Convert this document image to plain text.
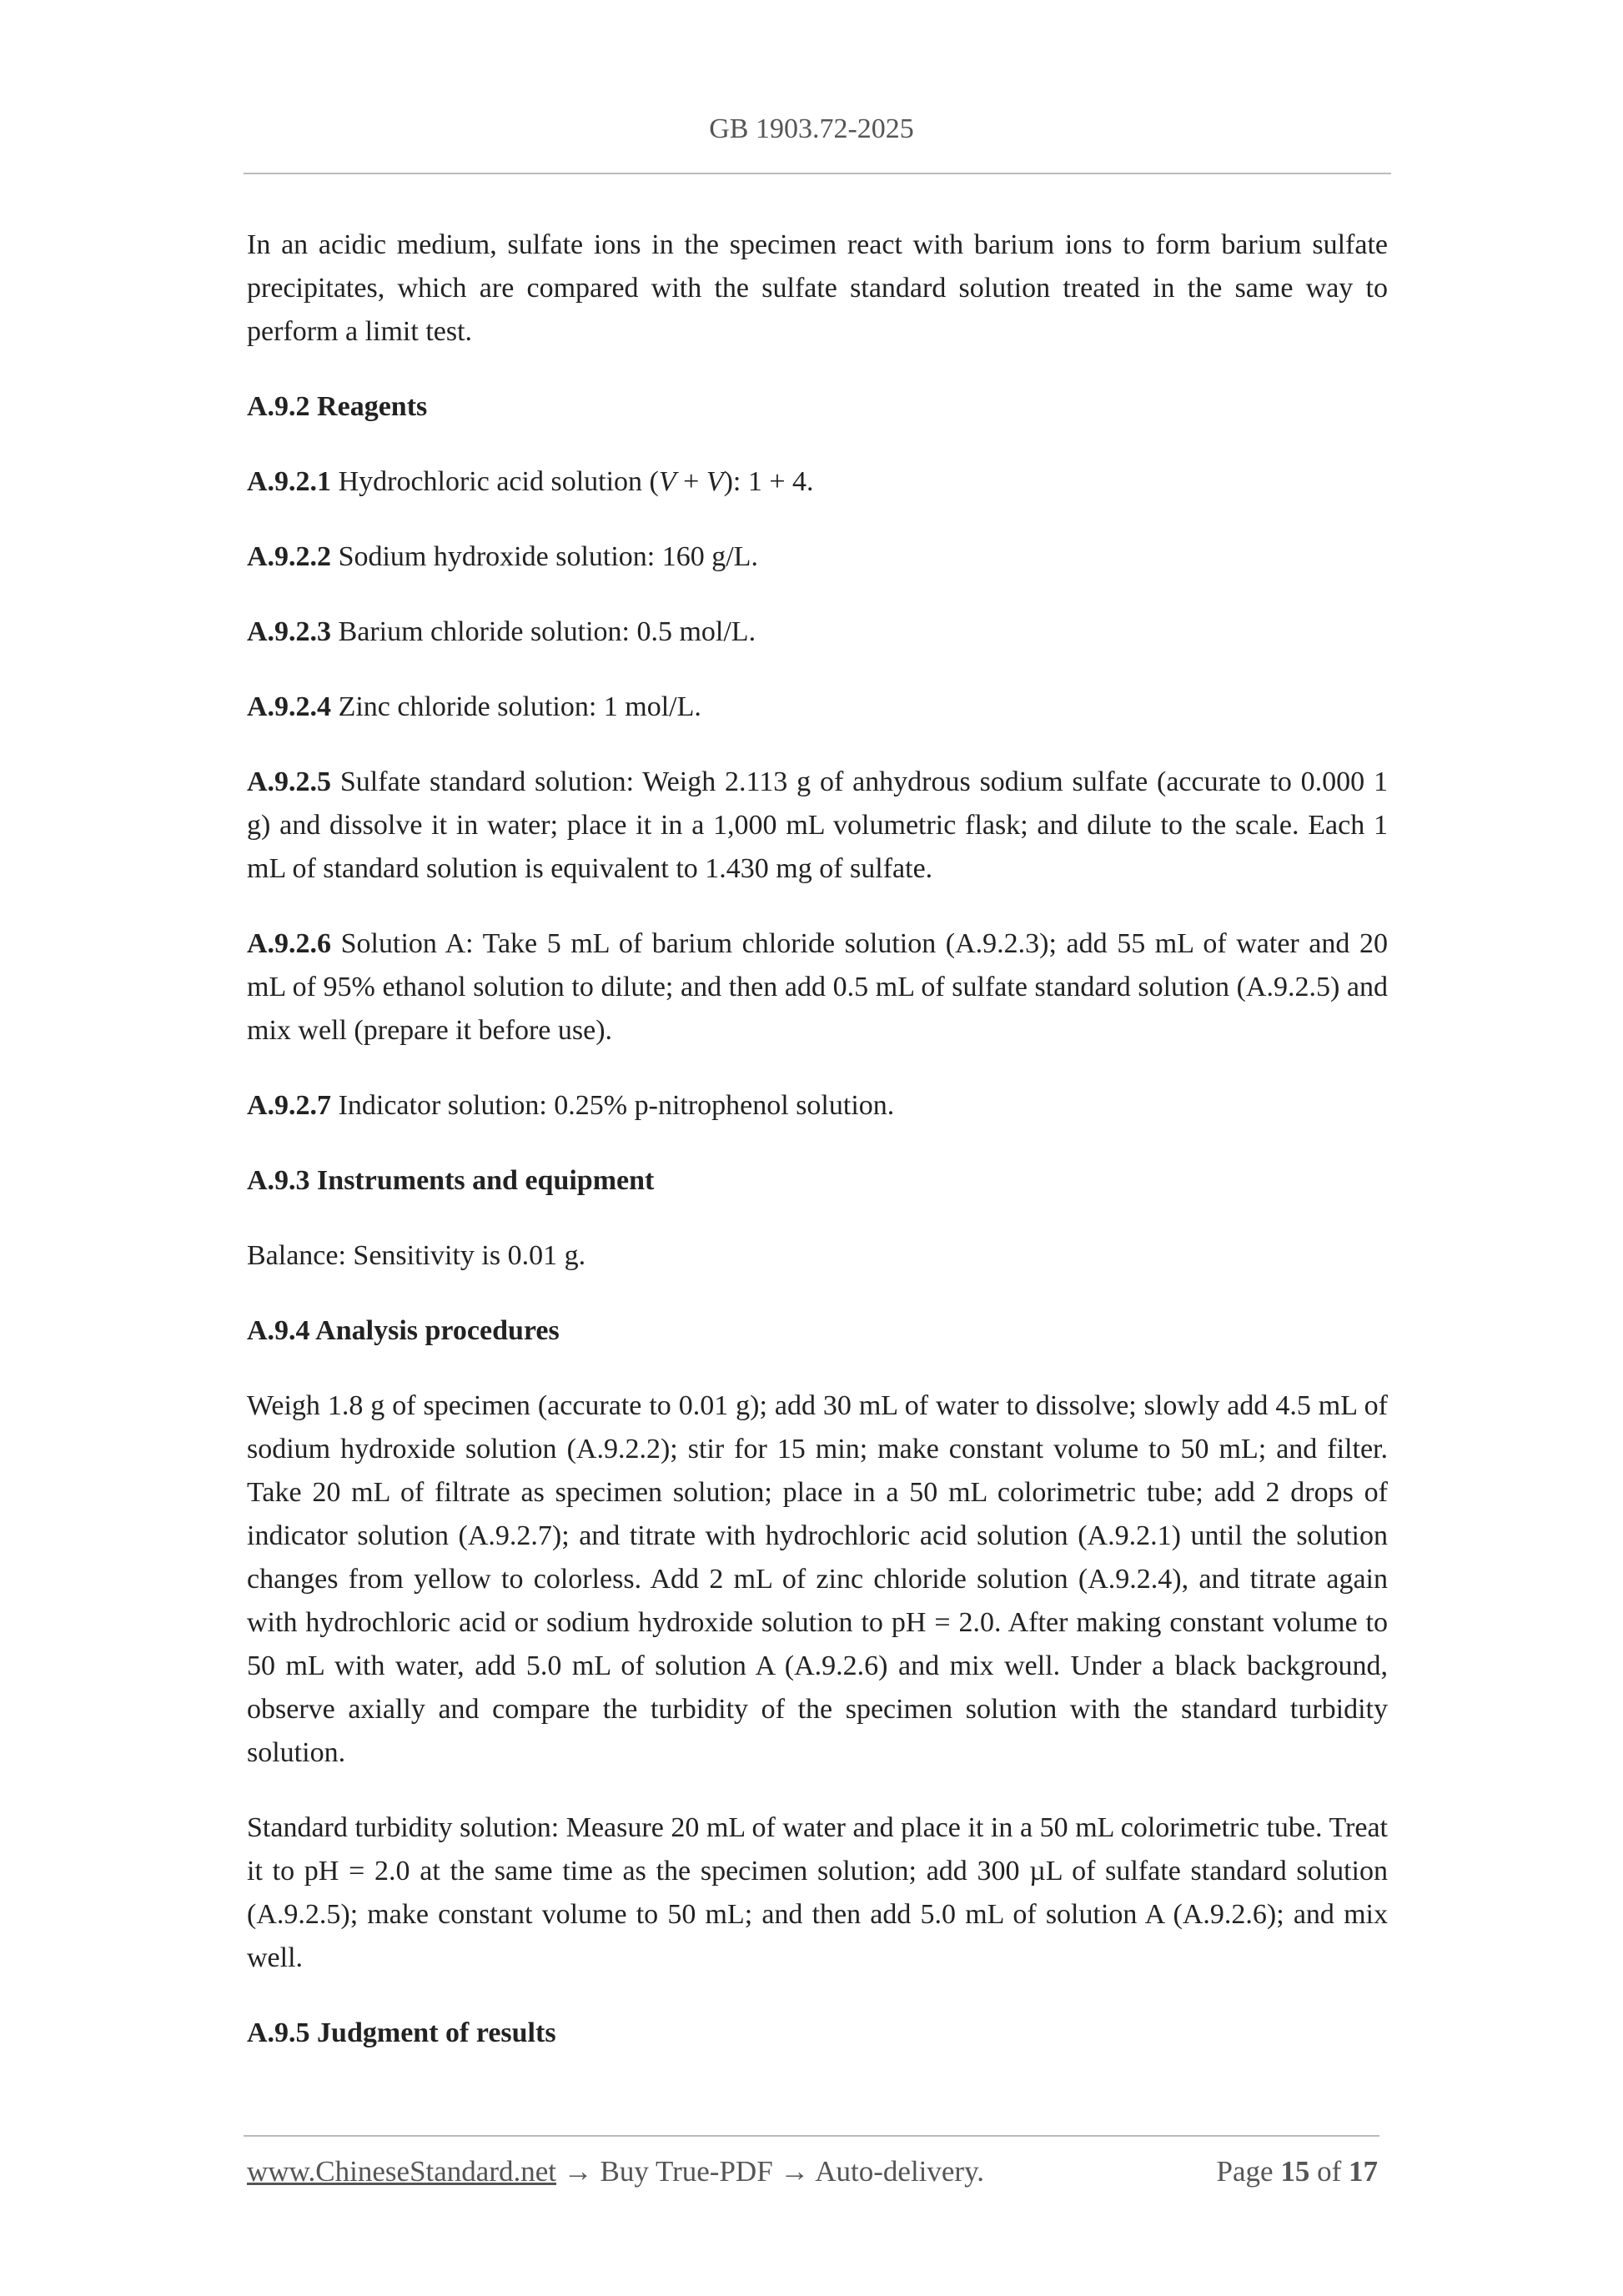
GB 1903.72-2025

In an acidic medium, sulfate ions in the specimen react with barium ions to form barium sulfate precipitates, which are compared with the sulfate standard solution treated in the same way to perform a limit test.

A.9.2 Reagents

A.9.2.1 Hydrochloric acid solution (V + V): 1 + 4.

A.9.2.2 Sodium hydroxide solution: 160 g/L.

A.9.2.3 Barium chloride solution: 0.5 mol/L.

A.9.2.4 Zinc chloride solution: 1 mol/L.

A.9.2.5 Sulfate standard solution: Weigh 2.113 g of anhydrous sodium sulfate (accurate to 0.000 1 g) and dissolve it in water; place it in a 1,000 mL volumetric flask; and dilute to the scale. Each 1 mL of standard solution is equivalent to 1.430 mg of sulfate.

A.9.2.6 Solution A: Take 5 mL of barium chloride solution (A.9.2.3); add 55 mL of water and 20 mL of 95% ethanol solution to dilute; and then add 0.5 mL of sulfate standard solution (A.9.2.5) and mix well (prepare it before use).

A.9.2.7 Indicator solution: 0.25% p-nitrophenol solution.

A.9.3 Instruments and equipment

Balance: Sensitivity is 0.01 g.

A.9.4 Analysis procedures

Weigh 1.8 g of specimen (accurate to 0.01 g); add 30 mL of water to dissolve; slowly add 4.5 mL of sodium hydroxide solution (A.9.2.2); stir for 15 min; make constant volume to 50 mL; and filter. Take 20 mL of filtrate as specimen solution; place in a 50 mL colorimetric tube; add 2 drops of indicator solution (A.9.2.7); and titrate with hydrochloric acid solution (A.9.2.1) until the solution changes from yellow to colorless. Add 2 mL of zinc chloride solution (A.9.2.4), and titrate again with hydrochloric acid or sodium hydroxide solution to pH = 2.0. After making constant volume to 50 mL with water, add 5.0 mL of solution A (A.9.2.6) and mix well. Under a black background, observe axially and compare the turbidity of the specimen solution with the standard turbidity solution.

Standard turbidity solution: Measure 20 mL of water and place it in a 50 mL colorimetric tube. Treat it to pH = 2.0 at the same time as the specimen solution; add 300 µL of sulfate standard solution (A.9.2.5); make constant volume to 50 mL; and then add 5.0 mL of solution A (A.9.2.6); and mix well.

A.9.5 Judgment of results

www.ChineseStandard.net → Buy True-PDF → Auto-delivery.	Page 15 of 17
